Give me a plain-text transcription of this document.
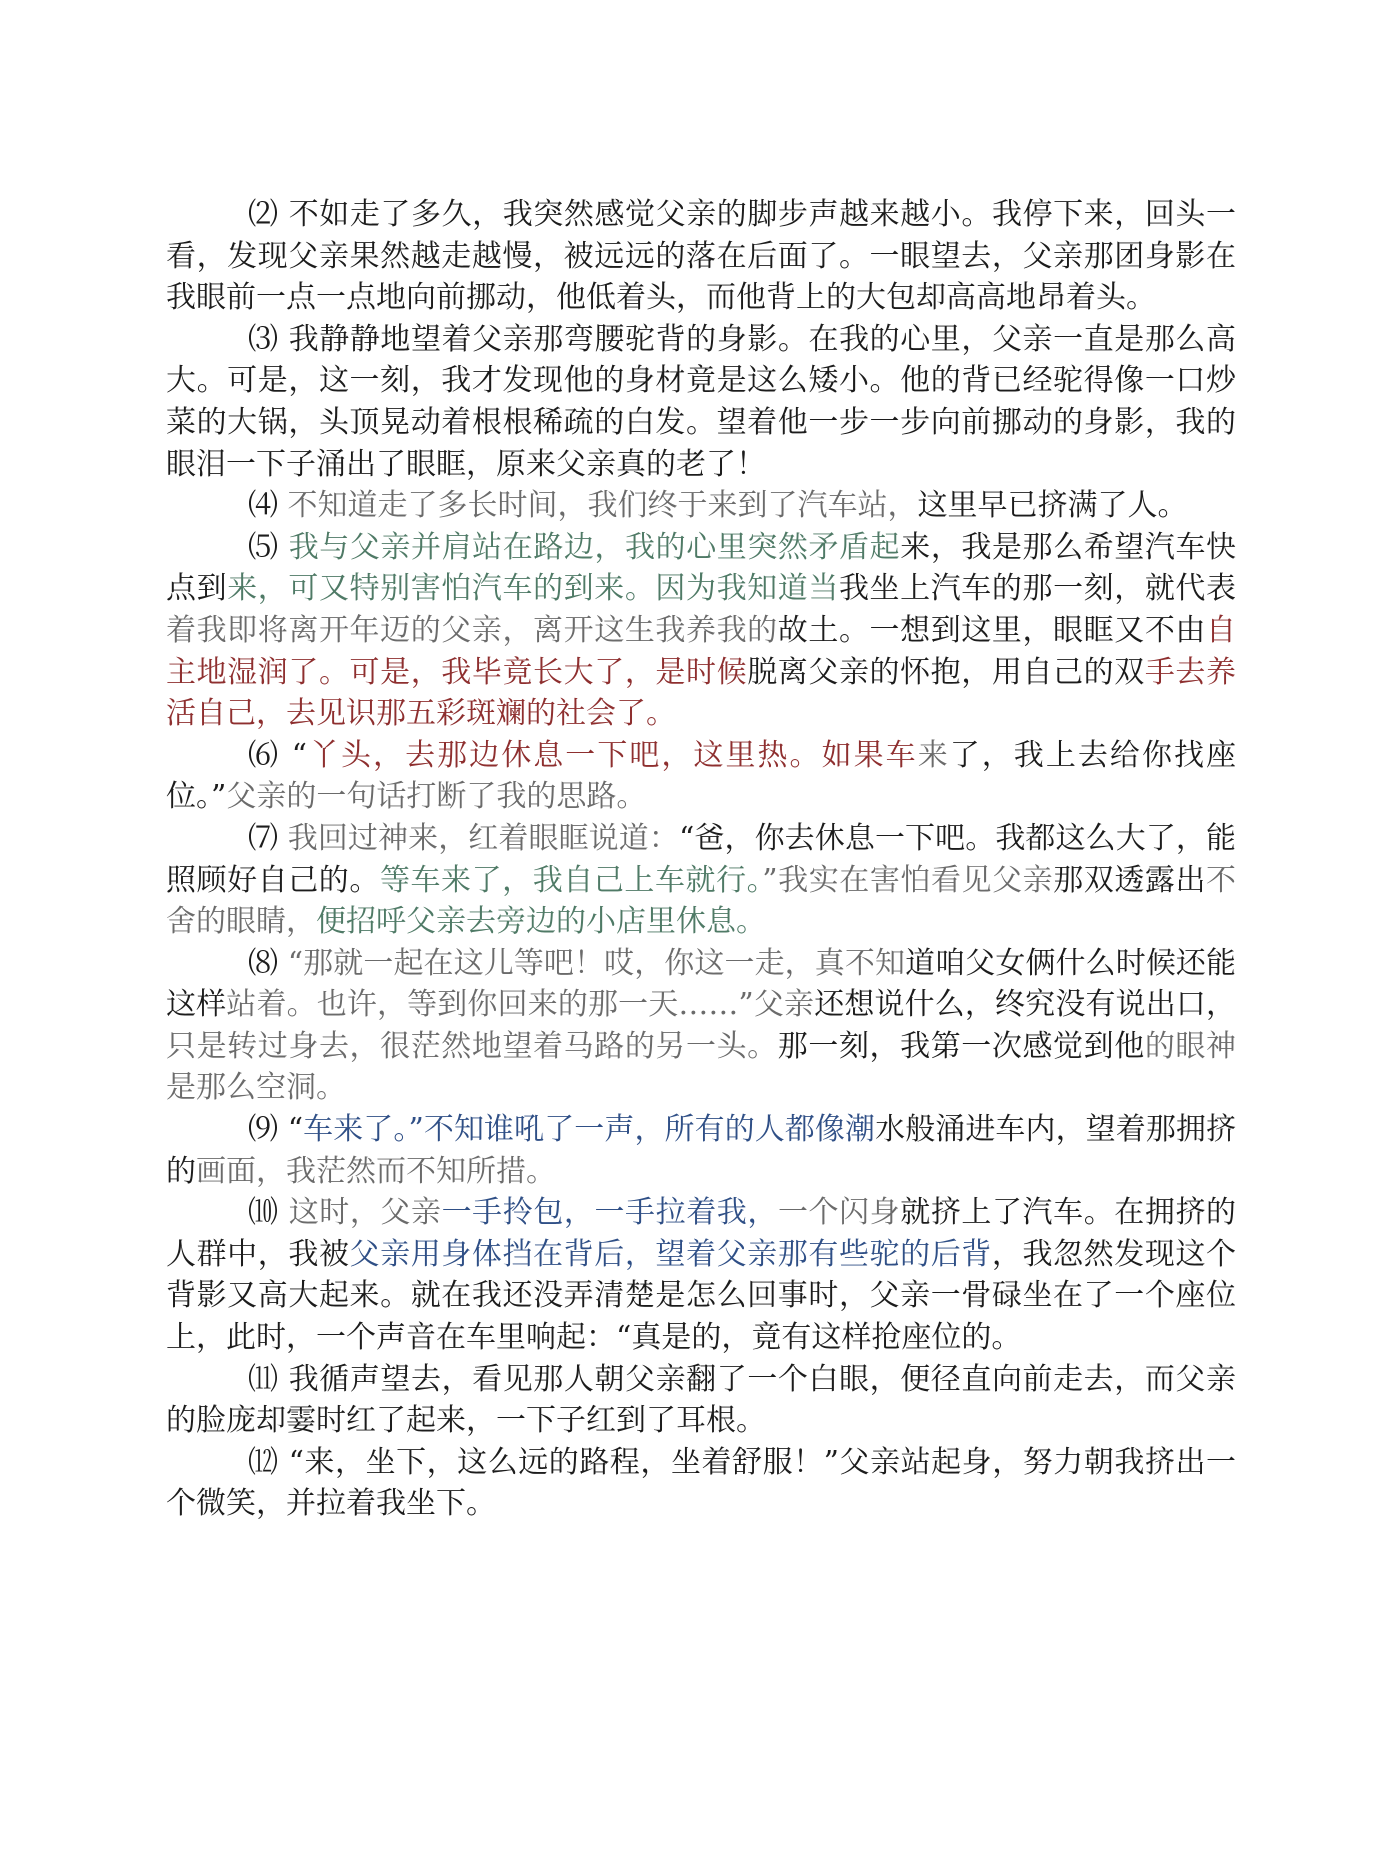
⑵ 不如走了多久，我突然感觉父亲的脚步声越来越小。我停下来，回头一看，发现父亲果然越走越慢，被远远的落在后面了。一眼望去，父亲那团身影在我眼前一点一点地向前挪动，他低着头，而他背上的大包却高高地昂着头。

⑶ 我静静地望着父亲那弯腰驼背的身影。在我的心里，父亲一直是那么高大。可是，这一刻，我才发现他的身材竟是这么矮小。他的背已经驼得像一口炒菜的大锅，头顶晃动着根根稀疏的白发。望着他一步一步向前挪动的身影，我的眼泪一下子涌出了眼眶，原来父亲真的老了！

⑷ 不知道走了多长时间，我们终于来到了汽车站，这里早已挤满了人。

⑸ 我与父亲并肩站在路边，我的心里突然矛盾起来，我是那么希望汽车快点到来，可又特别害怕汽车的到来。因为我知道当我坐上汽车的那一刻，就代表着我即将离开年迈的父亲，离开这生我养我的故土。一想到这里，眼眶又不由自主地湿润了。可是，我毕竟长大了，是时候脱离父亲的怀抱，用自己的双手去养活自己，去见识那五彩斑斓的社会了。

⑹ “丫头，去那边休息一下吧，这里热。如果车来了，我上去给你找座位。”父亲的一句话打断了我的思路。

⑺ 我回过神来，红着眼眶说道：“爸，你去休息一下吧。我都这么大了，能照顾好自己的。等车来了，我自己上车就行。”我实在害怕看见父亲那双透露出不舍的眼睛，便招呼父亲去旁边的小店里休息。

⑻ “那就一起在这儿等吧！哎，你这一走，真不知道咱父女俩什么时候还能这样站着。也许，等到你回来的那一天……”父亲还想说什么，终究没有说出口，只是转过身去，很茫然地望着马路的另一头。那一刻，我第一次感觉到他的眼神是那么空洞。

⑼ “车来了。”不知谁吼了一声，所有的人都像潮水般涌进车内，望着那拥挤的画面，我茫然而不知所措。

⑽ 这时，父亲一手拎包，一手拉着我，一个闪身就挤上了汽车。在拥挤的人群中，我被父亲用身体挡在背后，望着父亲那有些驼的后背，我忽然发现这个背影又高大起来。就在我还没弄清楚是怎么回事时，父亲一骨碌坐在了一个座位上，此时，一个声音在车里响起：“真是的，竟有这样抢座位的。

⑾ 我循声望去，看见那人朝父亲翻了一个白眼，便径直向前走去，而父亲的脸庞却霎时红了起来，一下子红到了耳根。

⑿ “来，坐下，这么远的路程，坐着舒服！”父亲站起身，努力朝我挤出一个微笑，并拉着我坐下。
